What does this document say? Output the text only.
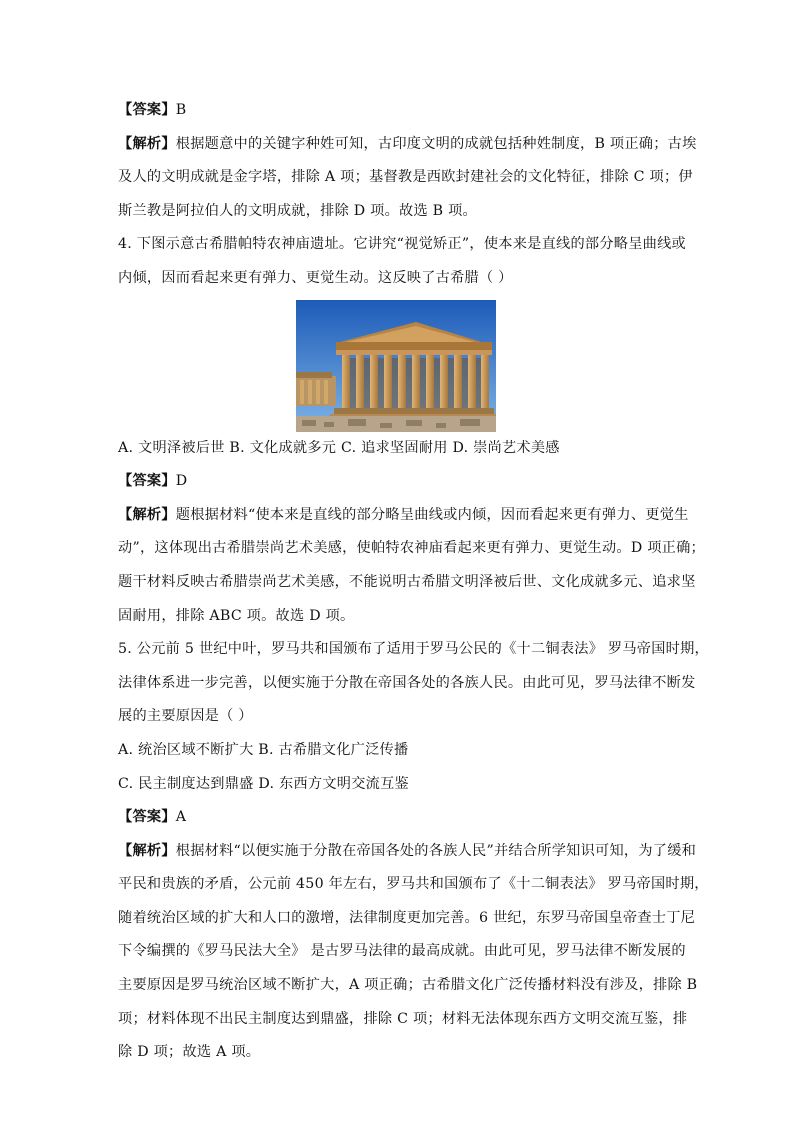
【答案】B
【解析】根据题意中的关键字种姓可知，古印度文明的成就包括种姓制度，B 项正确；古埃
及人的文明成就是金字塔，排除 A 项；基督教是西欧封建社会的文化特征，排除 C 项；伊
斯兰教是阿拉伯人的文明成就，排除 D 项。故选 B 项。
4. 下图示意古希腊帕特农神庙遗址。它讲究“视觉矫正”，使本来是直线的部分略呈曲线或
内倾，因而看起来更有弹力、更觉生动。这反映了古希腊（ ）
A. 文明泽被后世 B. 文化成就多元 C. 追求坚固耐用 D. 崇尚艺术美感
【答案】D
【解析】题根据材料“使本来是直线的部分略呈曲线或内倾，因而看起来更有弹力、更觉生
动”，这体现出古希腊崇尚艺术美感，使帕特农神庙看起来更有弹力、更觉生动。D 项正确；
题干材料反映古希腊崇尚艺术美感，不能说明古希腊文明泽被后世、文化成就多元、追求坚
固耐用，排除 ABC 项。故选 D 项。
5. 公元前 5 世纪中叶，罗马共和国颁布了适用于罗马公民的《十二铜表法》 罗马帝国时期，
法律体系进一步完善，以便实施于分散在帝国各处的各族人民。由此可见，罗马法律不断发
展的主要原因是（ ）
A. 统治区域不断扩大 B. 古希腊文化广泛传播
C. 民主制度达到鼎盛 D. 东西方文明交流互鉴
【答案】A
【解析】根据材料“以便实施于分散在帝国各处的各族人民”并结合所学知识可知，为了缓和
平民和贵族的矛盾，公元前 450 年左右，罗马共和国颁布了《十二铜表法》 罗马帝国时期，
随着统治区域的扩大和人口的激增，法律制度更加完善。6 世纪，东罗马帝国皇帝查士丁尼
下令编撰的《罗马民法大全》 是古罗马法律的最高成就。由此可见，罗马法律不断发展的
主要原因是罗马统治区域不断扩大，A 项正确；古希腊文化广泛传播材料没有涉及，排除 B
项；材料体现不出民主制度达到鼎盛，排除 C 项；材料无法体现东西方文明交流互鉴，排
除 D 项；故选 A 项。
